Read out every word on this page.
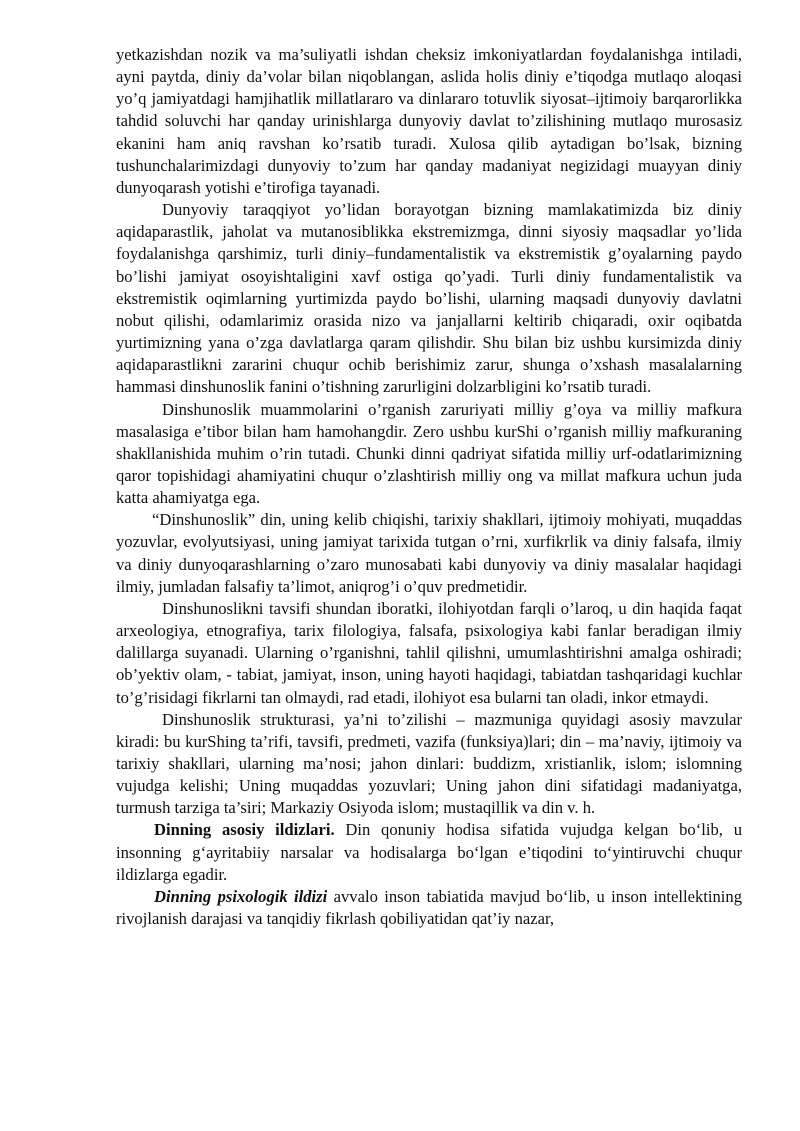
yetkazishdan nozik va ma’suliyatli ishdan cheksiz imkoniyatlardan foydalanishga intiladi, ayni paytda, diniy da’volar bilan niqoblangan, aslida holis diniy e’tiqodga mutlaqo aloqasi yo’q jamiyatdagi hamjihatlik millatlararo va dinlararo totuvlik siyosat–ijtimoiy barqarorlikka tahdid soluvchi har qanday urinishlarga dunyoviy davlat to’zilishining mutlaqo murosasiz ekanini ham aniq ravshan ko’rsatib turadi. Xulosa qilib aytadigan bo’lsak, bizning tushunchalarimizdagi dunyoviy to’zum har qanday madaniyat negizidagi muayyan diniy dunyoqarash yotishi e’tirofiga tayanadi.

Dunyoviy taraqqiyot yo’lidan borayotgan bizning mamlakatimizda biz diniy aqidaparastlik, jaholat va mutanosiblikka ekstremizmga, dinni siyosiy maqsadlar yo’lida foydalanishga qarshimiz, turli diniy–fundamentalistik va ekstremistik g’oyalarning paydo bo’lishi jamiyat osoyishtaligini xavf ostiga qo’yadi. Turli diniy fundamentalistik va ekstremistik oqimlarning yurtimizda paydo bo’lishi, ularning maqsadi dunyoviy davlatni nobut qilishi, odamlarimiz orasida nizo va janjallarni keltirib chiqaradi, oxir oqibatda yurtimizning yana o’zga davlatlarga qaram qilishdir. Shu bilan biz ushbu kursimizda diniy aqidaparastlikni zararini chuqur ochib berishimiz zarur, shunga o’xshash masalalarning hammasi dinshunoslik fanini o’tishning zarurligini dolzarbligini ko’rsatib turadi.

Dinshunoslik muammolarini o’rganish zaruriyati milliy g’oya va milliy mafkura masalasiga e’tibor bilan ham hamohangdir. Zero ushbu kurShi o’rganish milliy mafkuraning shakllanishida muhim o’rin tutadi. Chunki dinni qadriyat sifatida milliy urf-odatlarimizning qaror topishidagi ahamiyatini chuqur o’zlashtirish milliy ong va millat mafkura uchun juda katta ahamiyatga ega.

“Dinshunoslik” din, uning kelib chiqishi, tarixiy shakllari, ijtimoiy mohiyati, muqaddas yozuvlar, evolyutsiyasi, uning jamiyat tarixida tutgan o’rni, xurfikrlik va diniy falsafa, ilmiy va diniy dunyoqarashlarning o’zaro munosabati kabi dunyoviy va diniy masalalar haqidagi ilmiy, jumladan falsafiy ta’limot, aniqrog’i o’quv predmetidir.

Dinshunoslikni tavsifi shundan iboratki, ilohiyotdan farqli o’laroq, u din haqida faqat arxeologiya, etnografiya, tarix filologiya, falsafa, psixologiya kabi fanlar beradigan ilmiy dalillarga suyanadi. Ularning o’rganishni, tahlil qilishni, umumlashtirishni amalga oshiradi; ob’yektiv olam, - tabiat, jamiyat, inson, uning hayoti haqidagi, tabiatdan tashqaridagi kuchlar to’g’risidagi fikrlarni tan olmaydi, rad etadi, ilohiyot esa bularni tan oladi, inkor etmaydi.

Dinshunoslik strukturasi, ya’ni to’zilishi – mazmuniga quyidagi asosiy mavzular kiradi: bu kurShing ta’rifi, tavsifi, predmeti, vazifa (funksiya)lari; din – ma’naviy, ijtimoiy va tarixiy shakllari, ularning ma’nosi; jahon dinlari: buddizm, xristianlik, islom; islomning vujudga kelishi; Uning muqaddas yozuvlari; Uning jahon dini sifatidagi madaniyatga, turmush tarziga ta’siri; Markaziy Osiyoda islom; mustaqillik va din v. h.

Dinning asosiy ildizlari. Din qonuniy hodisa sifatida vujudga kelgan bo‘lib, u insonning g‘ayritabiiy narsalar va hodisalarga bo‘lgan e’tiqodini to‘yintiruvchi chuqur ildizlarga egadir.

Dinning psixologik ildizi avvalo inson tabiatida mavjud bo‘lib, u inson intellektining rivojlanish darajasi va tanqidiy fikrlash qobiliyatidan qat’iy nazar,
